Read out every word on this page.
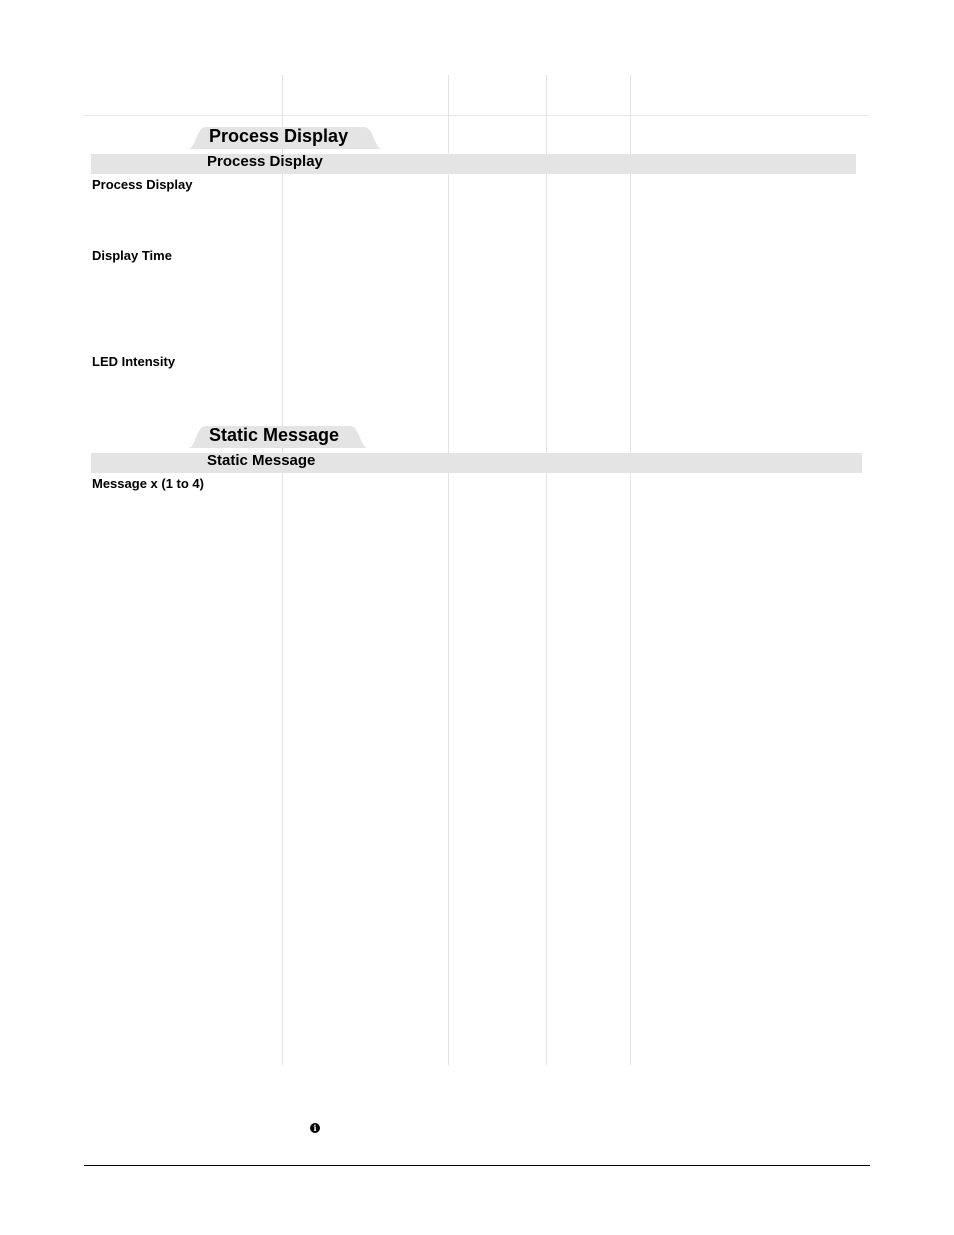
Process Display
Process Display
Process Display
Display Time
LED Intensity
Static Message
Static Message
Message x (1 to 4)
i
